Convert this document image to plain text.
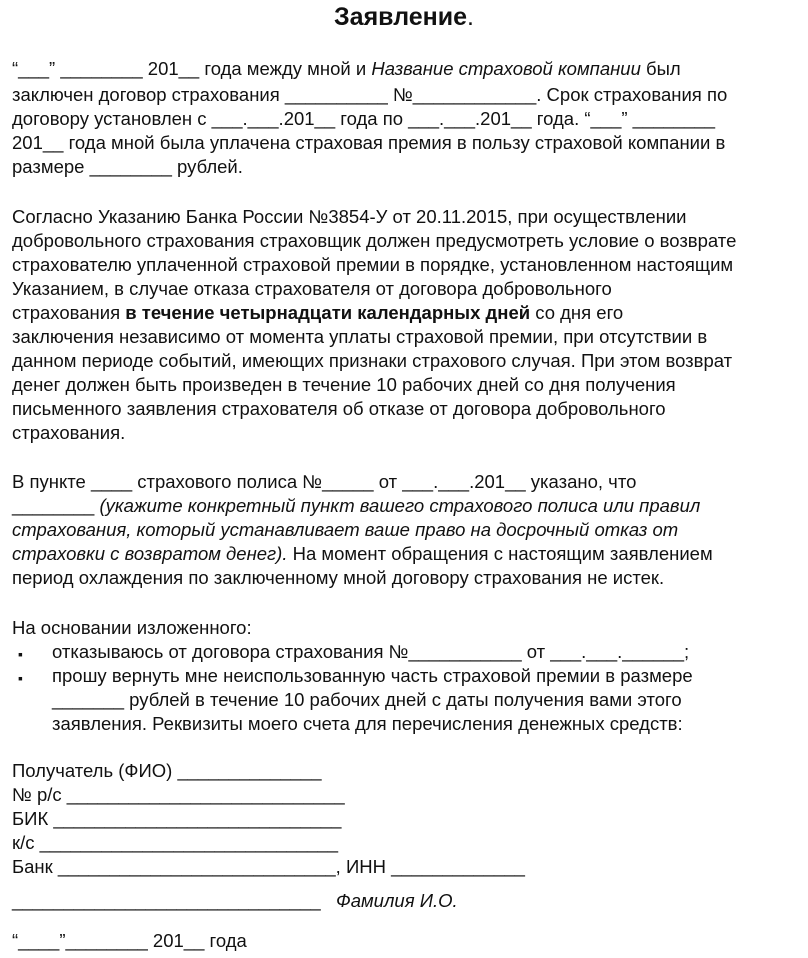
Заявление.
“___” ________ 201__ года между мной и Название страховой компании был
заключен договор страхования __________ №____________. Срок страхования по
договору установлен с ___.___.201__ года по ___.___.201__ года. “___” ________
201__ года мной была уплачена страховая премия в пользу страховой компании в
размере ________ рублей.
Согласно Указанию Банка России №3854-У от 20.11.2015, при осуществлении
добровольного страхования страховщик должен предусмотреть условие о возврате
страхователю уплаченной страховой премии в порядке, установленном настоящим
Указанием, в случае отказа страхователя от договора добровольного
страхования в течение четырнадцати календарных дней со дня его
заключения независимо от момента уплаты страховой премии, при отсутствии в
данном периоде событий, имеющих признаки страхового случая. При этом возврат
денег должен быть произведен в течение 10 рабочих дней со дня получения
письменного заявления страхователя об отказе от договора добровольного
страхования.
В пункте ____ страхового полиса №_____ от ___.___.201__ указано, что
________ (укажите конкретный пункт вашего страхового полиса или правил
страхования, который устанавливает ваше право на досрочный отказ от
страховки с возвратом денег). На момент обращения с настоящим заявлением
период охлаждения по заключенному мной договору страхования не истек.
На основании изложенного:
▪ отказываюсь от договора страхования №___________ от ___.___.______;
▪ прошу вернуть мне неиспользованную часть страховой премии в размере
_______ рублей в течение 10 рабочих дней с даты получения вами этого
заявления. Реквизиты моего счета для перечисления денежных средств:
Получатель (ФИО) ______________
№ р/с ___________________________
БИК ____________________________
к/с _____________________________
Банк ___________________________, ИНН _____________
______________________________ Фамилия И.О.
“____”________ 201__ года
